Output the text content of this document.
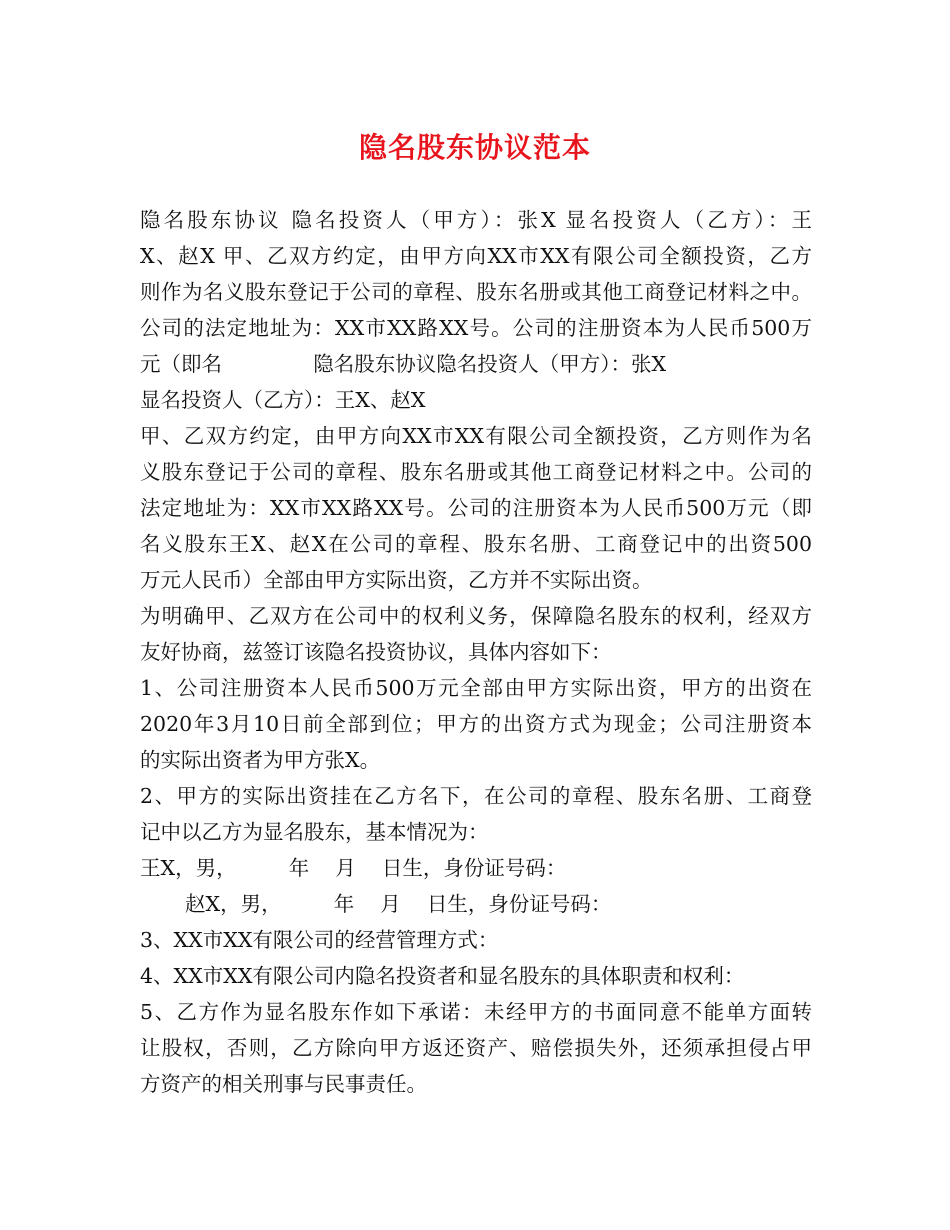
隐名股东协议范本
隐名股东协议 隐名投资人（甲方）：张X 显名投资人（乙方）：王
X、赵X 甲、乙双方约定，由甲方向XX市XX有限公司全额投资，乙方
则作为名义股东登记于公司的章程、股东名册或其他工商登记材料之中。
公司的法定地址为：XX市XX路XX号。公司的注册资本为人民币500万
元（即名              隐名股东协议隐名投资人（甲方）：张X
显名投资人（乙方）：王X、赵X
甲、乙双方约定，由甲方向XX市XX有限公司全额投资，乙方则作为名
义股东登记于公司的章程、股东名册或其他工商登记材料之中。公司的
法定地址为：XX市XX路XX号。公司的注册资本为人民币500万元（即
名义股东王X、赵X在公司的章程、股东名册、工商登记中的出资500
万元人民币）全部由甲方实际出资，乙方并不实际出资。
为明确甲、乙双方在公司中的权利义务，保障隐名股东的权利，经双方
友好协商，兹签订该隐名投资协议，具体内容如下：
1、公司注册资本人民币500万元全部由甲方实际出资，甲方的出资在
2020年3月10日前全部到位；甲方的出资方式为现金；公司注册资本
的实际出资者为甲方张X。
2、甲方的实际出资挂在乙方名下，在公司的章程、股东名册、工商登
记中以乙方为显名股东，基本情况为：
王X，男，        年    月    日生，身份证号码：
赵X，男，        年    月    日生，身份证号码：
3、XX市XX有限公司的经营管理方式：
4、XX市XX有限公司内隐名投资者和显名股东的具体职责和权利：
5、乙方作为显名股东作如下承诺：未经甲方的书面同意不能单方面转
让股权，否则，乙方除向甲方返还资产、赔偿损失外，还须承担侵占甲
方资产的相关刑事与民事责任。
